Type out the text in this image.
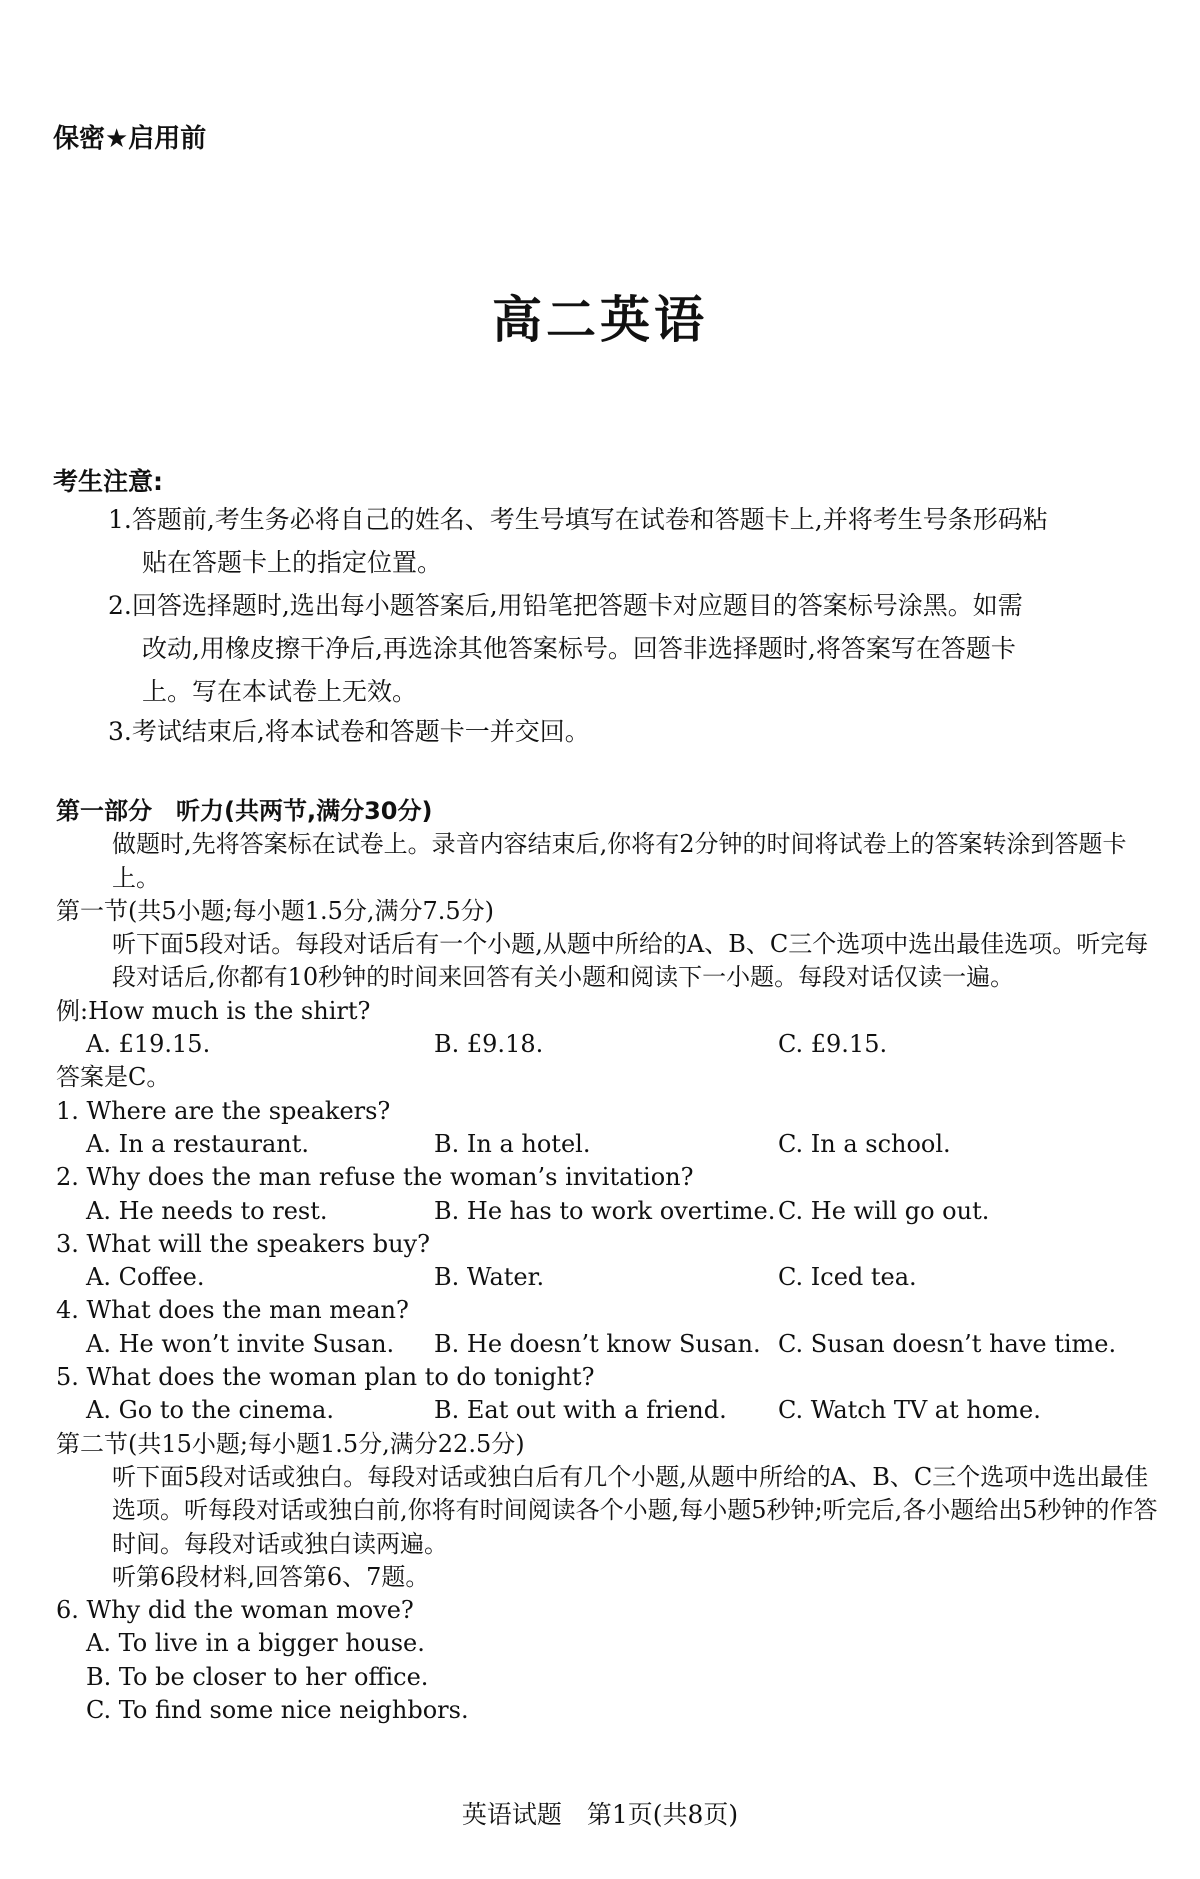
保密★启用前
高二英语
考生注意:
1.答题前,考生务必将自己的姓名、考生号填写在试卷和答题卡上,并将考生号条形码粘
贴在答题卡上的指定位置。
2.回答选择题时,选出每小题答案后,用铅笔把答题卡对应题目的答案标号涂黑。如需
改动,用橡皮擦干净后,再选涂其他答案标号。回答非选择题时,将答案写在答题卡
上。写在本试卷上无效。
3.考试结束后,将本试卷和答题卡一并交回。
第一部分　听力(共两节,满分30分)
做题时,先将答案标在试卷上。录音内容结束后,你将有2分钟的时间将试卷上的答案转涂到答题卡上。
第一节(共5小题;每小题1.5分,满分7.5分)
听下面5段对话。每段对话后有一个小题,从题中所给的A、B、C三个选项中选出最佳选项。听完每段对话后,你都有10秒钟的时间来回答有关小题和阅读下一小题。每段对话仅读一遍。
例:How much is the shirt?
A. £19.15.	B. £9.18.	C. £9.15.
答案是C。
1. Where are the speakers?
A. In a restaurant.	B. In a hotel.	C. In a school.
2. Why does the man refuse the woman’s invitation?
A. He needs to rest.	B. He has to work overtime. C. He will go out.
3. What will the speakers buy?
A. Coffee.	B. Water.	C. Iced tea.
4. What does the man mean?
A. He won’t invite Susan. B. He doesn’t know Susan. C. Susan doesn’t have time.
5. What does the woman plan to do tonight?
A. Go to the cinema.	B. Eat out with a friend. C. Watch TV at home.
第二节(共15小题;每小题1.5分,满分22.5分)
听下面5段对话或独白。每段对话或独白后有几个小题,从题中所给的A、B、C三个选项中选出最佳选项。听每段对话或独白前,你将有时间阅读各个小题,每小题5秒钟;听完后,各小题给出5秒钟的作答时间。每段对话或独白读两遍。
听第6段材料,回答第6、7题。
6. Why did the woman move?
A. To live in a bigger house.
B. To be closer to her office.
C. To find some nice neighbors.
英语试题　第1页(共8页)
